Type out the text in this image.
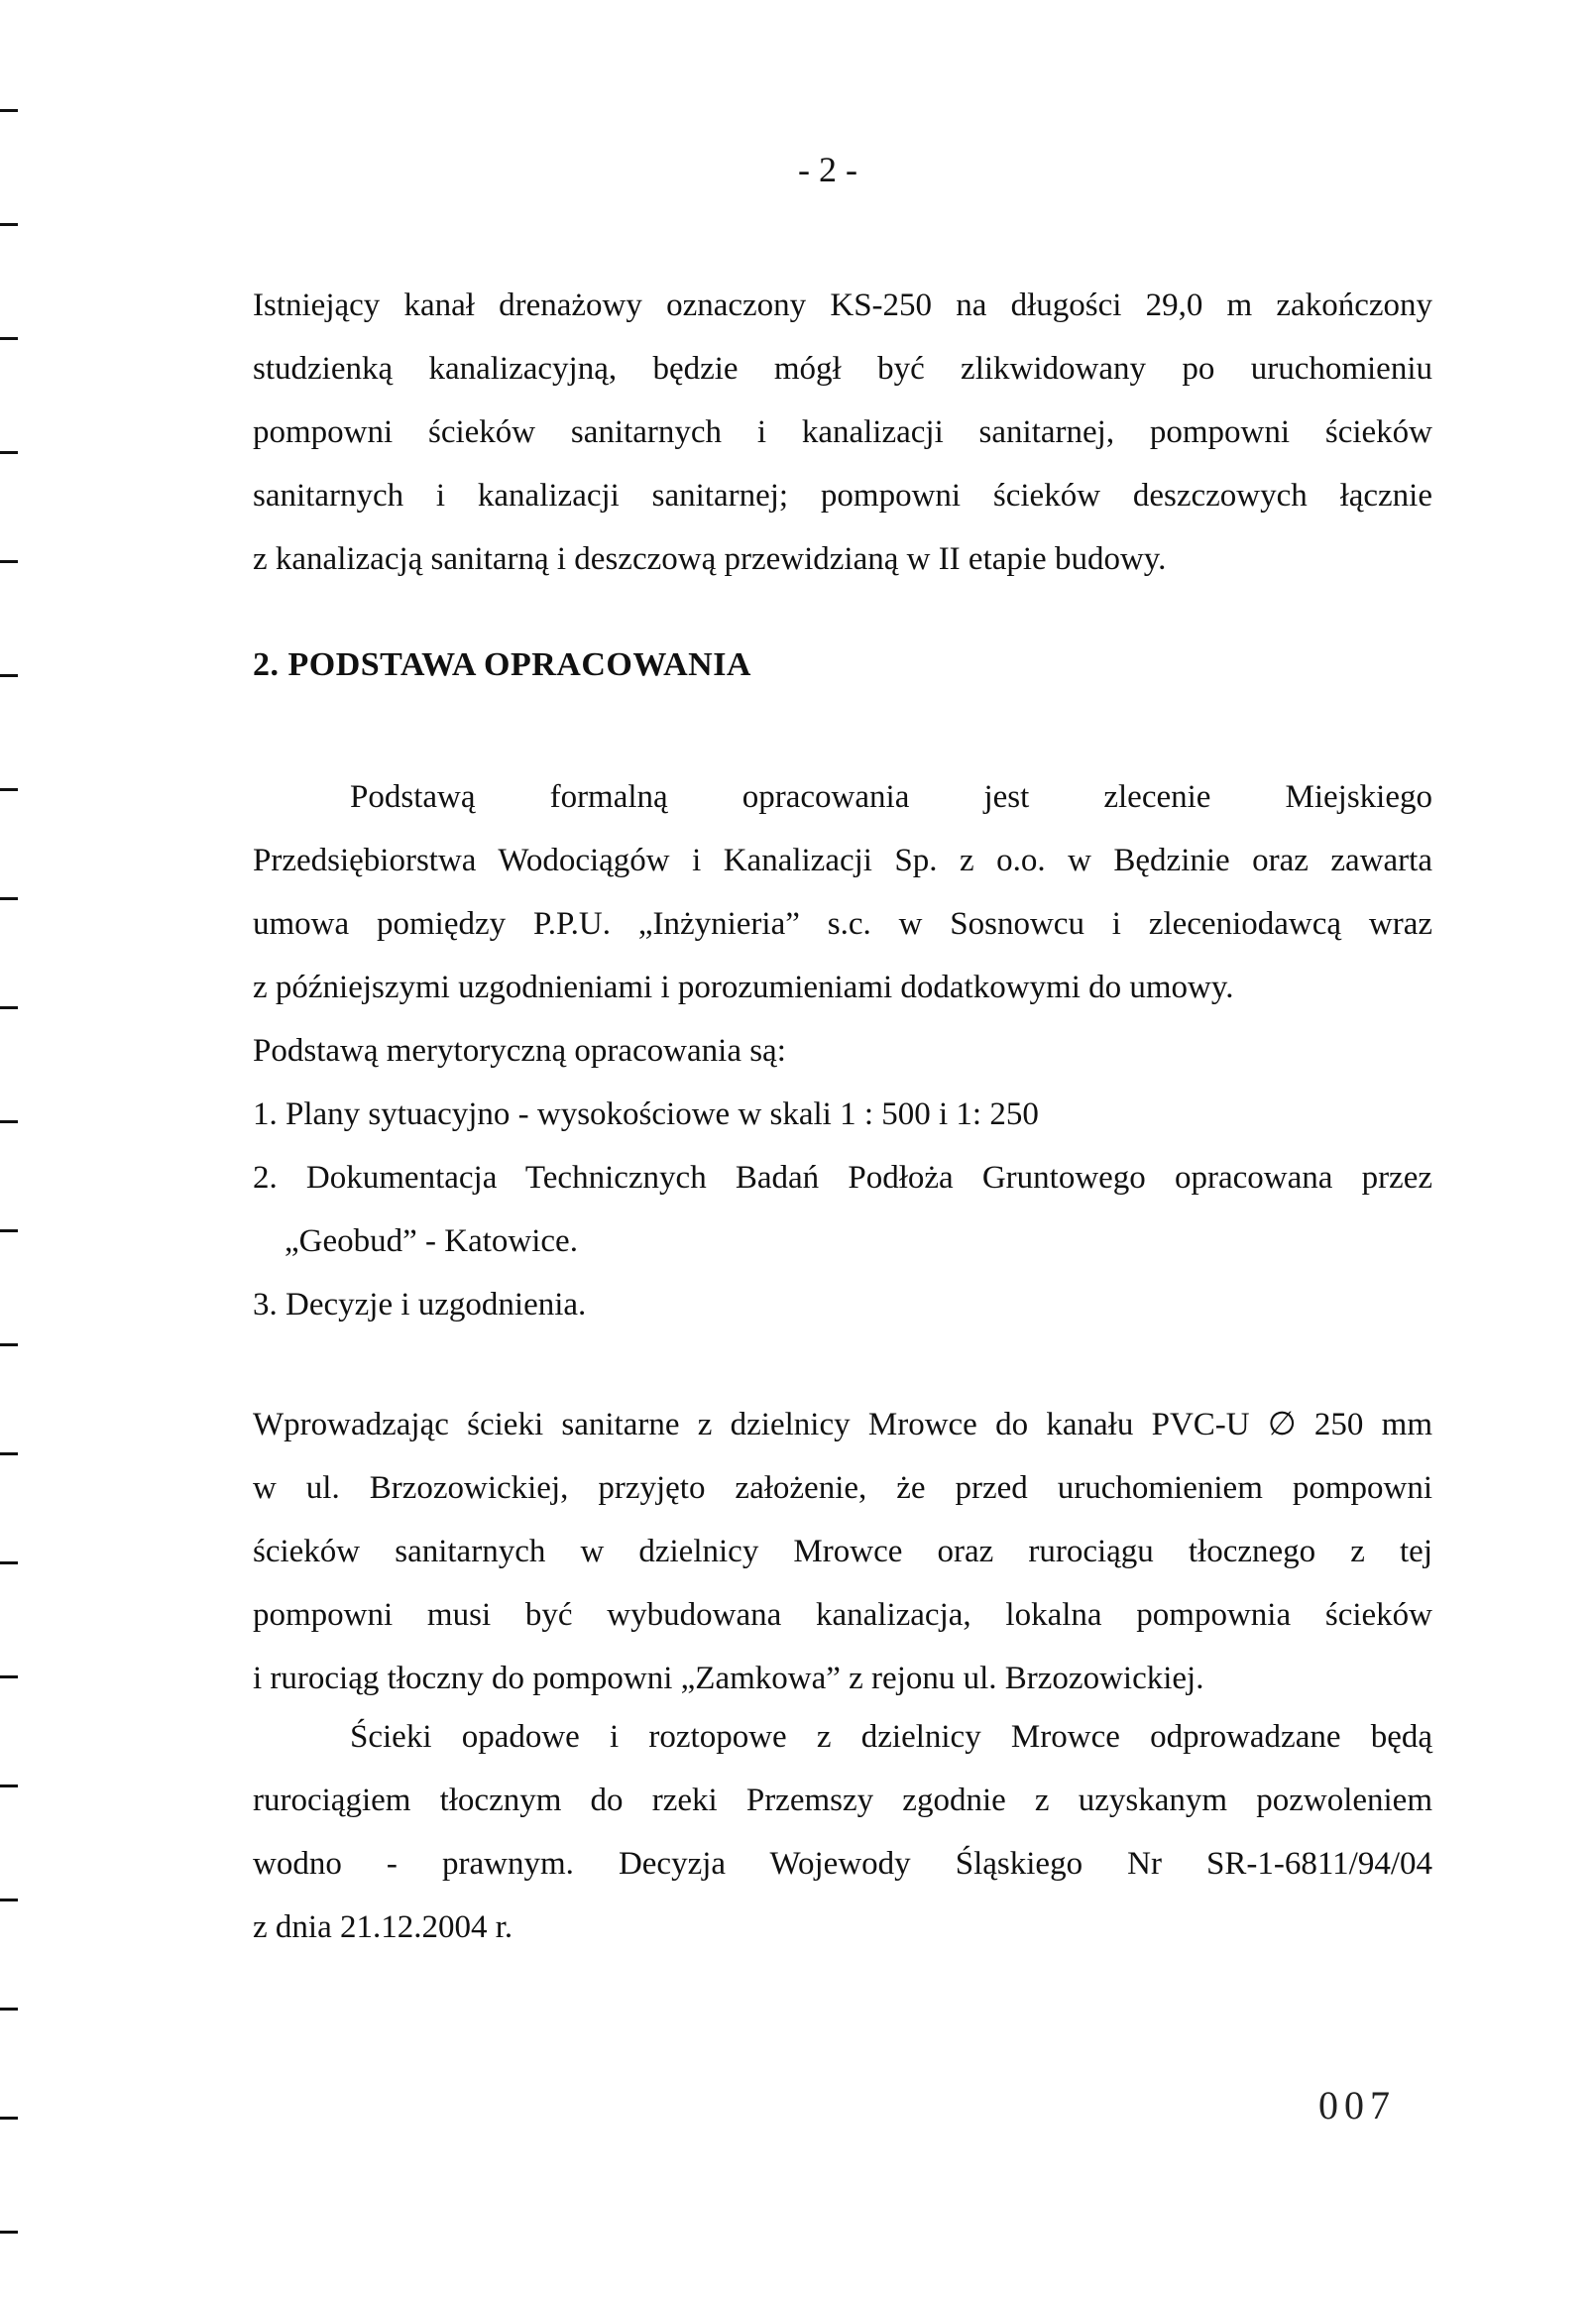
- 2 -
Istniejący kanał drenażowy oznaczony KS-250 na długości 29,0 m zakończony
studzienką kanalizacyjną, będzie mógł być zlikwidowany po uruchomieniu
pompowni ścieków sanitarnych i kanalizacji sanitarnej, pompowni ścieków
sanitarnych i kanalizacji sanitarnej; pompowni ścieków deszczowych łącznie
z kanalizacją sanitarną i deszczową przewidzianą w II etapie budowy.
2. PODSTAWA OPRACOWANIA
Podstawą formalną opracowania jest zlecenie Miejskiego
Przedsiębiorstwa Wodociągów i Kanalizacji Sp. z o.o. w Będzinie oraz zawarta
umowa pomiędzy P.P.U. „Inżynieria” s.c. w Sosnowcu i zleceniodawcą wraz
z późniejszymi uzgodnieniami i porozumieniami dodatkowymi do umowy.
Podstawą merytoryczną opracowania są:
1. Plany sytuacyjno - wysokościowe w skali 1 : 500 i 1: 250
2. Dokumentacja Technicznych Badań Podłoża Gruntowego opracowana przez
„Geobud” - Katowice.
3. Decyzje i uzgodnienia.
Wprowadzając ścieki sanitarne z dzielnicy Mrowce do kanału PVC-U ∅ 250 mm
w ul. Brzozowickiej, przyjęto założenie, że przed uruchomieniem pompowni
ścieków sanitarnych w dzielnicy Mrowce oraz rurociągu tłocznego z tej
pompowni musi być wybudowana kanalizacja, lokalna pompownia ścieków
i rurociąg tłoczny do pompowni „Zamkowa” z rejonu ul. Brzozowickiej.
Ścieki opadowe i roztopowe z dzielnicy Mrowce odprowadzane będą
rurociągiem tłocznym do rzeki Przemszy zgodnie z uzyskanym pozwoleniem
wodno - prawnym. Decyzja Wojewody Śląskiego Nr SR-1-6811/94/04
z dnia 21.12.2004 r.
007
